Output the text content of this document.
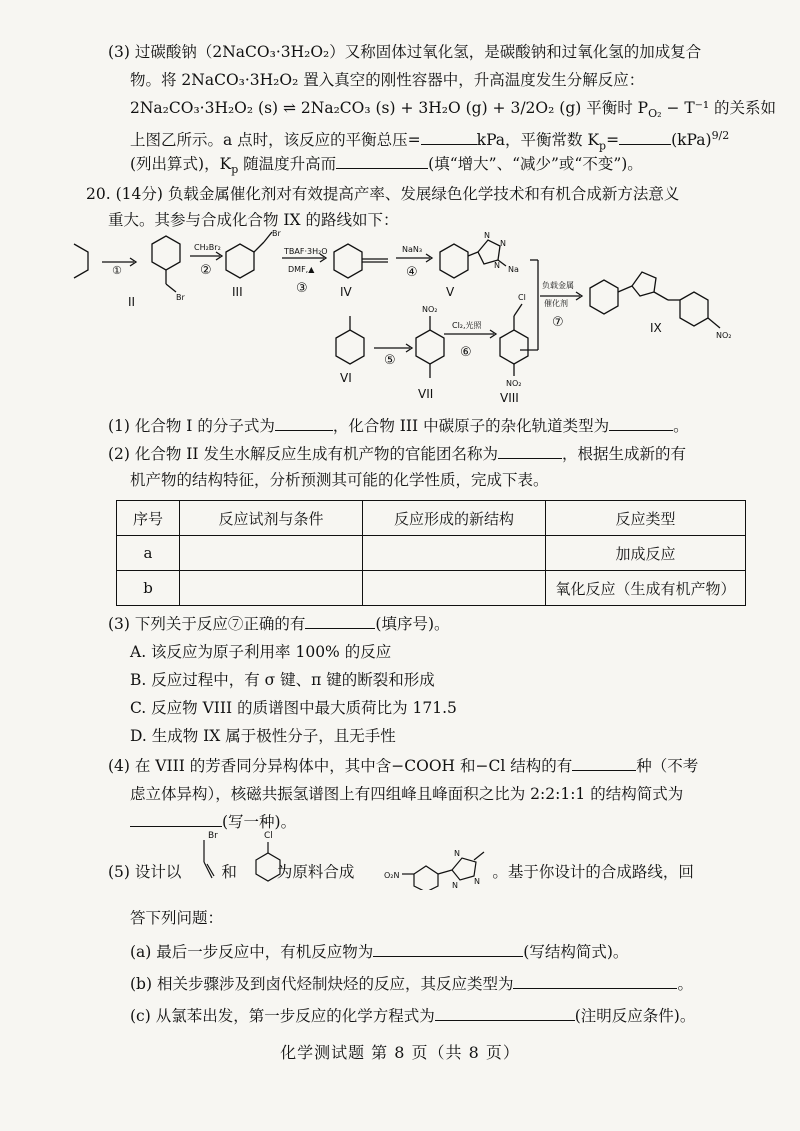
(3) 过碳酸钠（2NaCO₃·3H₂O₂）又称固体过氧化氢，是碳酸钠和过氧化氢的加成复合
物。将 2NaCO₃·3H₂O₂ 置入真空的刚性容器中，升高温度发生分解反应：
2Na₂CO₃·3H₂O₂ (s) ⇌ 2Na₂CO₃ (s) + 3H₂O (g) + 3/2O₂ (g) 平衡时 $P_{O_2} - T^{-1}$ 的关系如
上图乙所示。a 点时，该反应的平衡总压=	kPa，平衡常数 $K_p=$	(kPa)$^{9/2}$
(列出算式)，$K_p$ 随温度升高而	(填“增大”、“减少”或“不变”)。
20. (14分) 负载金属催化剂对有效提高产率、发展绿色化学技术和有机合成新方法意义
重大。其参与合成化合物 IX 的路线如下：
①	②
③
④
⑤
⑥
⑦
CH₂Br₂	TBAF·3H₂O
DMF,▲
NaN₃
Cl₂,光照
负载金属
催化剂
Br
Br	N
N
N Na
Cl
NO₂
NO₂
NO₂
II
III	IV	V
VI
VII	VIII
IX
(1) 化合物 I 的分子式为	，化合物 III 中碳原子的杂化轨道类型为	。
(2) 化合物 II 发生水解反应生成有机产物的官能团名称为	，根据生成新的有
机产物的结构特征，分析预测其可能的化学性质，完成下表。
序号	反应试剂与条件	反应形成的新结构	反应类型
a			加成反应
b			氧化反应（生成有机产物）
(3) 下列关于反应⑦正确的有	(填序号)。
A. 该反应为原子利用率 100% 的反应
B. 反应过程中，有 σ 键、π 键的断裂和形成
C. 反应物 VIII 的质谱图中最大质荷比为 171.5
D. 生成物 IX 属于极性分子，且无手性
(4) 在 VIII 的芳香同分异构体中，其中含−COOH 和−Cl 结构的有	种（不考
虑立体异构），核磁共振氢谱图上有四组峰且峰面积之比为 2:2:1:1 的结构简式为
(写一种)。
(5) 设计以	和	为原料合成	。基于你设计的合成路线，回
Br	Cl
O₂N
N
N
N
答下列问题：
(a) 最后一步反应中，有机反应物为	(写结构简式)。
(b) 相关步骤涉及到卤代烃制炔烃的反应，其反应类型为	。
(c) 从氯苯出发，第一步反应的化学方程式为	(注明反应条件)。
化学测试题 第 8 页（共 8 页）
